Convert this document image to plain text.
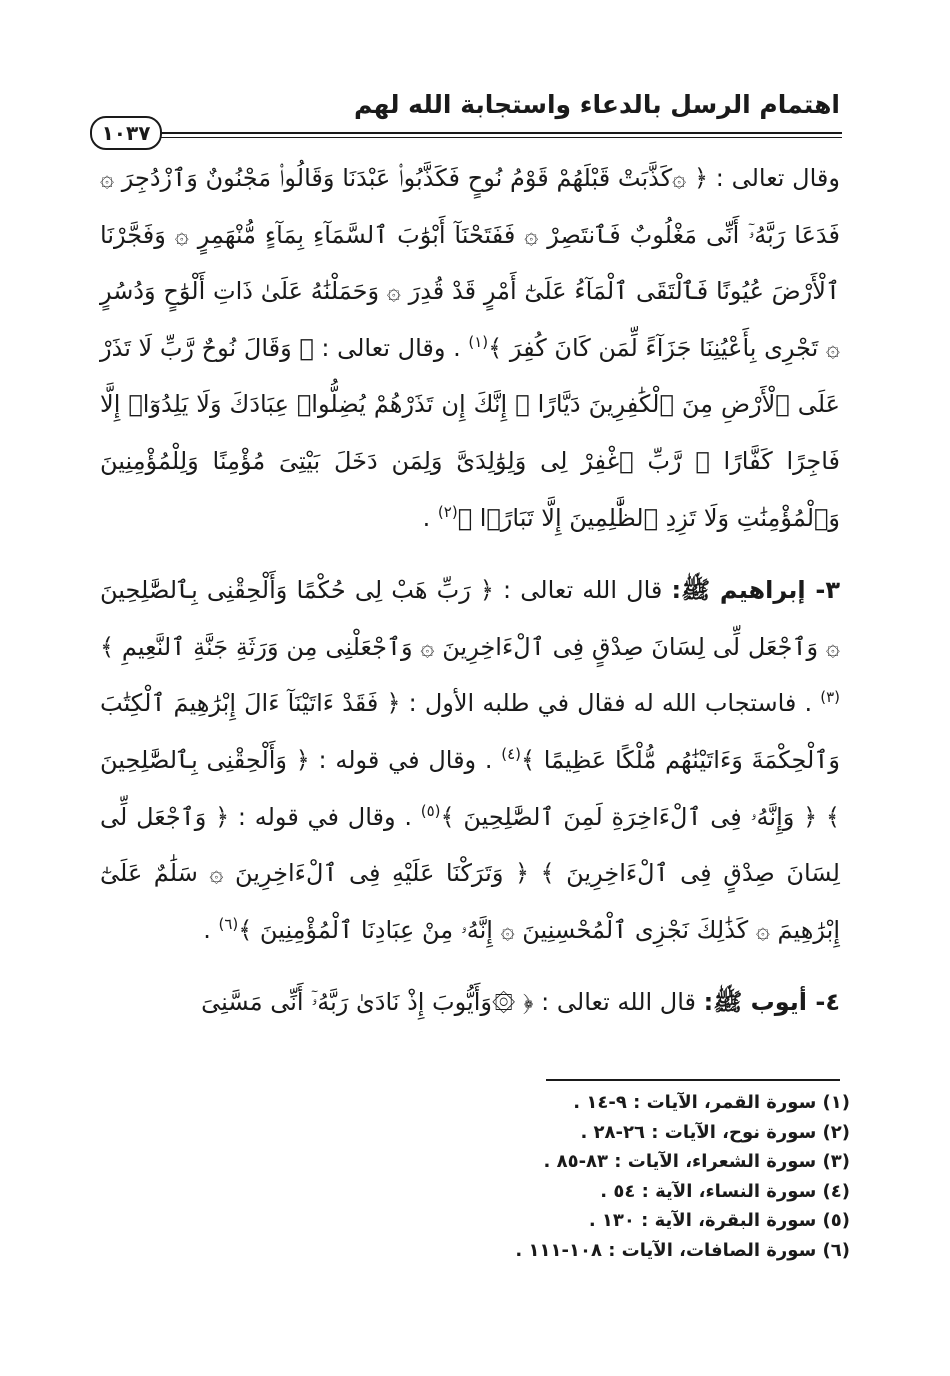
اهتمام الرسل بالدعاء واستجابة الله لهم
١٠٣٧

وقال تعالى : ﴿ ۞كَذَّبَتْ قَبْلَهُمْ قَوْمُ نُوحٍ فَكَذَّبُوا۟ عَبْدَنَا وَقَالُوا۟ مَجْنُونٌ وَٱزْدُجِرَ ۞ فَدَعَا رَبَّهُۥٓ أَنِّى مَغْلُوبٌ فَٱنتَصِرْ ۞ فَفَتَحْنَآ أَبْوَٰبَ ٱلسَّمَآءِ بِمَآءٍ مُّنْهَمِرٍ ۞ وَفَجَّرْنَا ٱلْأَرْضَ عُيُونًا فَٱلْتَقَى ٱلْمَآءُ عَلَىٰٓ أَمْرٍ قَدْ قُدِرَ ۞ وَحَمَلْنَٰهُ عَلَىٰ ذَاتِ أَلْوَٰحٍ وَدُسُرٍ ۞ تَجْرِى بِأَعْيُنِنَا جَزَآءً لِّمَن كَانَ كُفِرَ ﴾$^{(١)}$ . وقال تعالى : ﴿ وَقَالَ نُوحٌ رَّبِّ لَا تَذَرْ عَلَى ٱلْأَرْضِ مِنَ ٱلْكَٰفِرِينَ دَيَّارًا ۞ إِنَّكَ إِن تَذَرْهُمْ يُضِلُّوا۟ عِبَادَكَ وَلَا يَلِدُوٓا۟ إِلَّا فَاجِرًا كَفَّارًا ۞ رَّبِّ ٱغْفِرْ لِى وَلِوَٰلِدَىَّ وَلِمَن دَخَلَ بَيْتِىَ مُؤْمِنًا وَلِلْمُؤْمِنِينَ وَٱلْمُؤْمِنَٰتِ وَلَا تَزِدِ ٱلظَّٰلِمِينَ إِلَّا تَبَارًۢا ﴾$^{(٢)}$ .

٣- إبراهيم ﷺ: قال الله تعالى : ﴿ رَبِّ هَبْ لِى حُكْمًا وَأَلْحِقْنِى بِٱلصَّٰلِحِينَ ۞ وَٱجْعَل لِّى لِسَانَ صِدْقٍ فِى ٱلْءَاخِرِينَ ۞ وَٱجْعَلْنِى مِن وَرَثَةِ جَنَّةِ ٱلنَّعِيمِ ﴾$^{(٣)}$ . فاستجاب الله له فقال في طلبه الأول : ﴿ فَقَدْ ءَاتَيْنَآ ءَالَ إِبْرَٰهِيمَ ٱلْكِتَٰبَ وَٱلْحِكْمَةَ وَءَاتَيْنَٰهُم مُّلْكًا عَظِيمًا ﴾$^{(٤)}$ . وقال في قوله : ﴿ وَأَلْحِقْنِى بِٱلصَّٰلِحِينَ ﴾ ﴿ وَإِنَّهُۥ فِى ٱلْءَاخِرَةِ لَمِنَ ٱلصَّٰلِحِينَ ﴾$^{(٥)}$ . وقال في قوله : ﴿ وَٱجْعَل لِّى لِسَانَ صِدْقٍ فِى ٱلْءَاخِرِينَ ﴾ ﴿ وَتَرَكْنَا عَلَيْهِ فِى ٱلْءَاخِرِينَ ۞ سَلَٰمٌ عَلَىٰٓ إِبْرَٰهِيمَ ۞ كَذَٰلِكَ نَجْزِى ٱلْمُحْسِنِينَ ۞ إِنَّهُۥ مِنْ عِبَادِنَا ٱلْمُؤْمِنِينَ ﴾$^{(٦)}$ .

٤- أيوب ﷺ: قال الله تعالى : ﴿ ۞وَأَيُّوبَ إِذْ نَادَىٰ رَبَّهُۥٓ أَنِّى مَسَّنِىَ

(١) سورة القمر، الآيات : ٩-١٤ .
(٢) سورة نوح، الآيات : ٢٦-٢٨ .
(٣) سورة الشعراء، الآيات : ٨٣-٨٥ .
(٤) سورة النساء، الآية : ٥٤ .
(٥) سورة البقرة، الآية : ١٣٠ .
(٦) سورة الصافات، الآيات : ١٠٨-١١١ .
